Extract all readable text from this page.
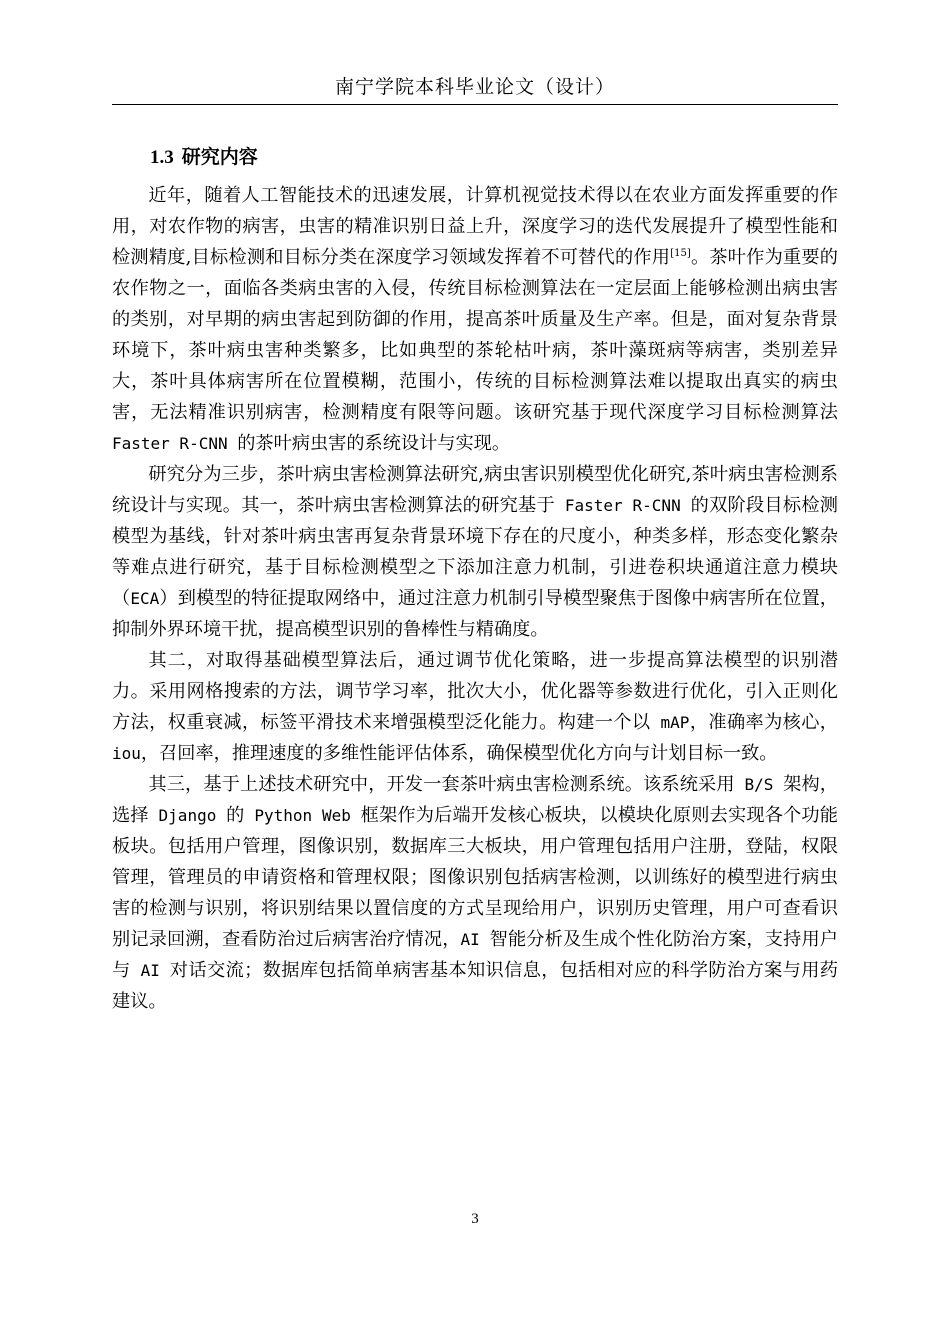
南宁学院本科毕业论文（设计）
1.3 研究内容

近年，随着人工智能技术的迅速发展，计算机视觉技术得以在农业方面发挥重要的作用，对农作物的病害，虫害的精准识别日益上升，深度学习的迭代发展提升了模型性能和检测精度,目标检测和目标分类在深度学习领域发挥着不可替代的作用[15]。茶叶作为重要的农作物之一，面临各类病虫害的入侵，传统目标检测算法在一定层面上能够检测出病虫害的类别，对早期的病虫害起到防御的作用，提高茶叶质量及生产率。但是，面对复杂背景环境下，茶叶病虫害种类繁多，比如典型的茶轮枯叶病，茶叶藻斑病等病害，类别差异大，茶叶具体病害所在位置模糊，范围小，传统的目标检测算法难以提取出真实的病虫害，无法精准识别病害，检测精度有限等问题。该研究基于现代深度学习目标检测算法 Faster R-CNN 的茶叶病虫害的系统设计与实现。

研究分为三步，茶叶病虫害检测算法研究,病虫害识别模型优化研究,茶叶病虫害检测系统设计与实现。其一，茶叶病虫害检测算法的研究基于 Faster R-CNN 的双阶段目标检测模型为基线，针对茶叶病虫害再复杂背景环境下存在的尺度小，种类多样，形态变化繁杂等难点进行研究，基于目标检测模型之下添加注意力机制，引进卷积块通道注意力模块（ECA）到模型的特征提取网络中，通过注意力机制引导模型聚焦于图像中病害所在位置，抑制外界环境干扰，提高模型识别的鲁棒性与精确度。

其二，对取得基础模型算法后，通过调节优化策略，进一步提高算法模型的识别潜力。采用网格搜索的方法，调节学习率，批次大小，优化器等参数进行优化，引入正则化方法，权重衰减，标签平滑技术来增强模型泛化能力。构建一个以 mAP，准确率为核心，iou，召回率，推理速度的多维性能评估体系，确保模型优化方向与计划目标一致。

其三，基于上述技术研究中，开发一套茶叶病虫害检测系统。该系统采用 B/S 架构，选择 Django 的 Python Web 框架作为后端开发核心板块，以模块化原则去实现各个功能板块。包括用户管理，图像识别，数据库三大板块，用户管理包括用户注册，登陆，权限管理，管理员的申请资格和管理权限；图像识别包括病害检测，以训练好的模型进行病虫害的检测与识别，将识别结果以置信度的方式呈现给用户，识别历史管理，用户可查看识别记录回溯，查看防治过后病害治疗情况，AI 智能分析及生成个性化防治方案，支持用户与 AI 对话交流；数据库包括简单病害基本知识信息，包括相对应的科学防治方案与用药建议。

3
